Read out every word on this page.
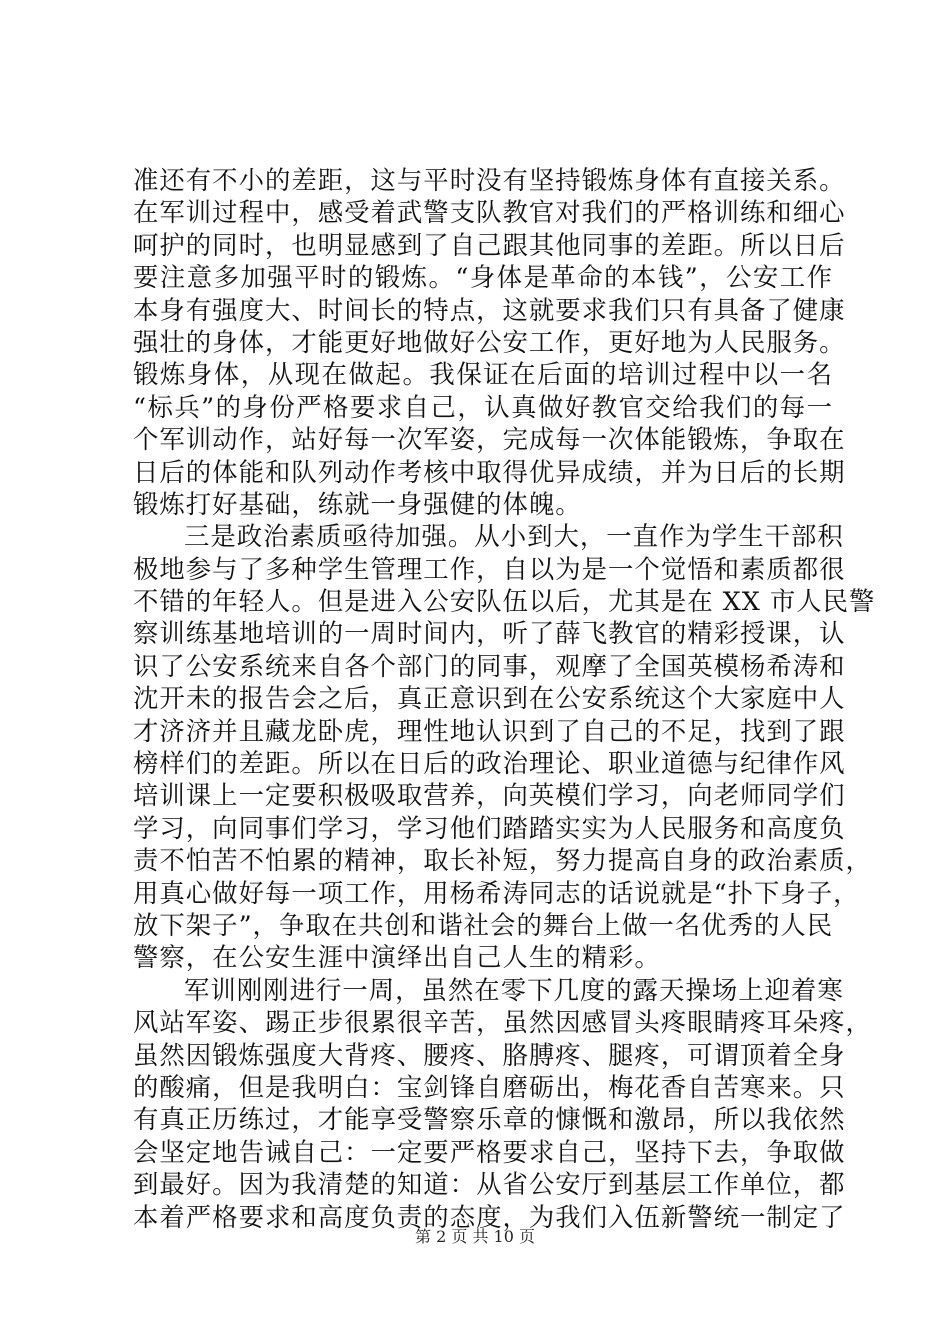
准还有不小的差距，这与平时没有坚持锻炼身体有直接关系。
在军训过程中，感受着武警支队教官对我们的严格训练和细心
呵护的同时，也明显感到了自己跟其他同事的差距。所以日后
要注意多加强平时的锻炼。“身体是革命的本钱”，公安工作
本身有强度大、时间长的特点，这就要求我们只有具备了健康
强壮的身体，才能更好地做好公安工作，更好地为人民服务。
锻炼身体，从现在做起。我保证在后面的培训过程中以一名
“标兵”的身份严格要求自己，认真做好教官交给我们的每一
个军训动作，站好每一次军姿，完成每一次体能锻炼，争取在
日后的体能和队列动作考核中取得优异成绩，并为日后的长期
锻炼打好基础，练就一身强健的体魄。
三是政治素质亟待加强。从小到大，一直作为学生干部积
极地参与了多种学生管理工作，自以为是一个觉悟和素质都很
不错的年轻人。但是进入公安队伍以后，尤其是在 XX 市人民警
察训练基地培训的一周时间内，听了薛飞教官的精彩授课，认
识了公安系统来自各个部门的同事，观摩了全国英模杨希涛和
沈开未的报告会之后，真正意识到在公安系统这个大家庭中人
才济济并且藏龙卧虎，理性地认识到了自己的不足，找到了跟
榜样们的差距。所以在日后的政治理论、职业道德与纪律作风
培训课上一定要积极吸取营养，向英模们学习，向老师同学们
学习，向同事们学习，学习他们踏踏实实为人民服务和高度负
责不怕苦不怕累的精神，取长补短，努力提高自身的政治素质，
用真心做好每一项工作，用杨希涛同志的话说就是“扑下身子，
放下架子”，争取在共创和谐社会的舞台上做一名优秀的人民
警察，在公安生涯中演绎出自己人生的精彩。
军训刚刚进行一周，虽然在零下几度的露天操场上迎着寒
风站军姿、踢正步很累很辛苦，虽然因感冒头疼眼睛疼耳朵疼，
虽然因锻炼强度大背疼、腰疼、胳膊疼、腿疼，可谓顶着全身
的酸痛，但是我明白：宝剑锋自磨砺出，梅花香自苦寒来。只
有真正历练过，才能享受警察乐章的慷慨和激昂，所以我依然
会坚定地告诫自己：一定要严格要求自己，坚持下去，争取做
到最好。因为我清楚的知道：从省公安厅到基层工作单位，都
本着严格要求和高度负责的态度，为我们入伍新警统一制定了
第 2 页 共 10 页
